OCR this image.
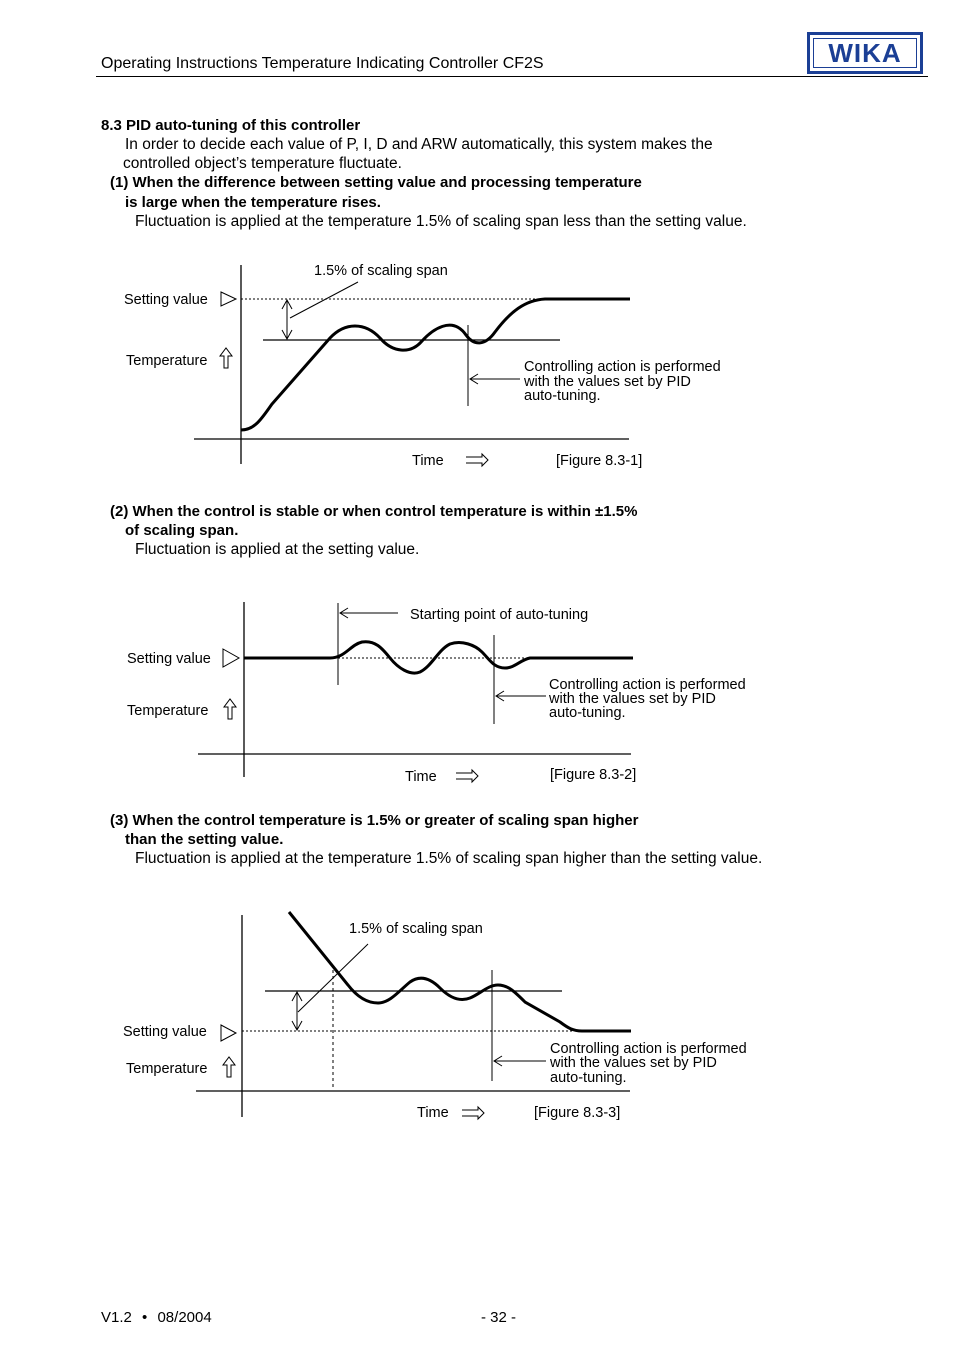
Operating Instructions Temperature Indicating Controller CF2S	WIKA
8.3 PID auto-tuning of this controller
In order to decide each value of P, I, D and ARW automatically, this system makes the
controlled object’s temperature fluctuate.
(1) When the difference between setting value and processing temperature
is large when the temperature rises.
Fluctuation is applied at the temperature 1.5% of scaling span less than the setting value.
Setting value
Temperature
1.5% of scaling span
Controlling action is performed
with the values set by PID
auto-tuning.
Time	[Figure 8.3-1]
(2) When the control is stable or when control temperature is within ±1.5%
of scaling span.
Fluctuation is applied at the setting value.
Setting value
Temperature
Starting point of auto-tuning
Controlling action is performed
with the values set by PID
auto-tuning.
Time	[Figure 8.3-2]
(3) When the control temperature is 1.5% or greater of scaling span higher
than the setting value.
Fluctuation is applied at the temperature 1.5% of scaling span higher than the setting value.
1.5% of scaling span
Setting value
Temperature
Controlling action is performed
with the values set by PID
auto-tuning.
Time	[Figure 8.3-3]
V1.2 • 08/2004	- 32 -
